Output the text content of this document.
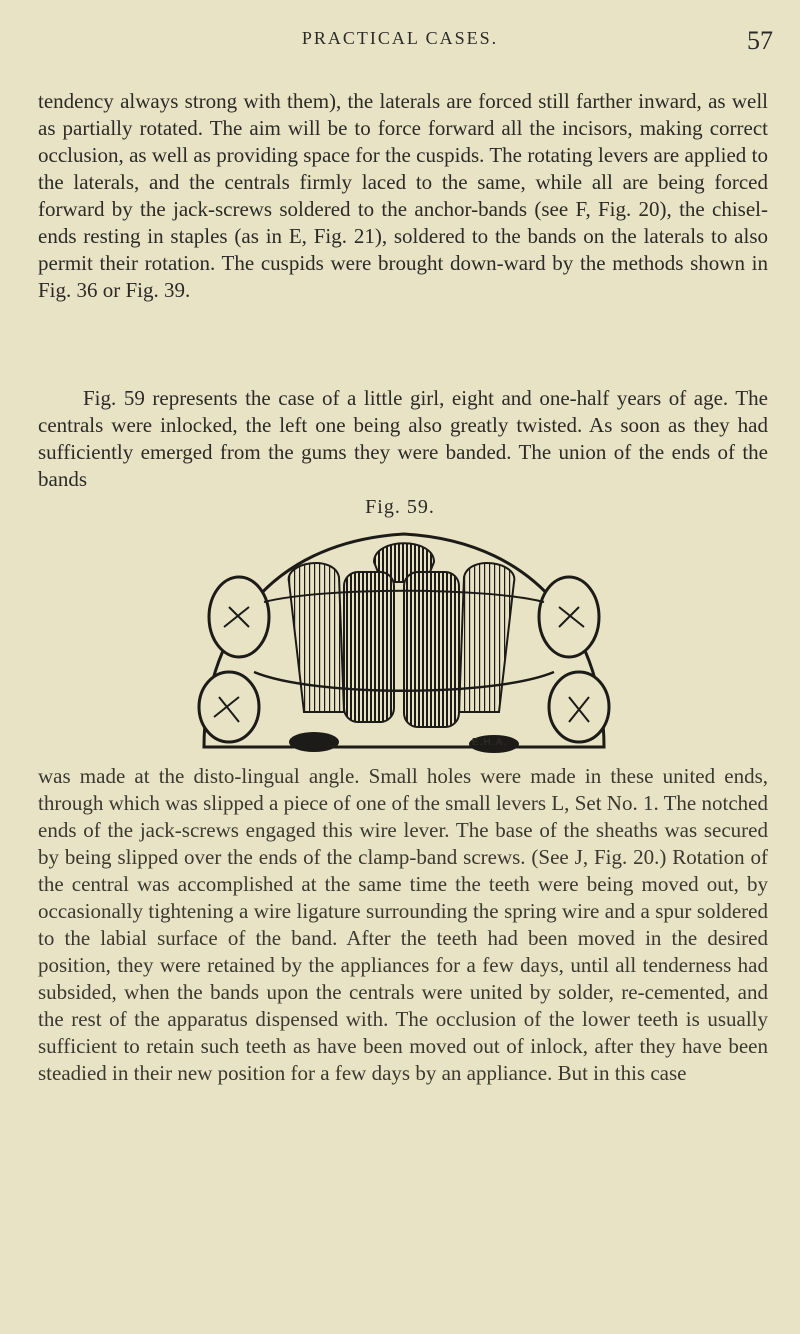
PRACTICAL CASES.	57

tendency always strong with them), the laterals are forced still farther inward, as well as partially rotated. The aim will be to force forward all the incisors, making correct occlusion, as well as providing space for the cuspids. The rotating levers are applied to the laterals, and the centrals firmly laced to the same, while all are being forced forward by the jack-screws soldered to the anchor-bands (see F, Fig. 20), the chisel-ends resting in staples (as in E, Fig. 21), soldered to the bands on the laterals to also permit their rotation. The cuspids were brought down-ward by the methods shown in Fig. 36 or Fig. 39.

Fig. 59 represents the case of a little girl, eight and one-half years of age. The centrals were inlocked, the left one being also greatly twisted. As soon as they had sufficiently emerged from the gums they were banded. The union of the ends of the bands

Fig. 59.
E.H.A.

was made at the disto-lingual angle. Small holes were made in these united ends, through which was slipped a piece of one of the small levers L, Set No. 1. The notched ends of the jack-screws engaged this wire lever. The base of the sheaths was secured by being slipped over the ends of the clamp-band screws. (See J, Fig. 20.) Rotation of the central was accomplished at the same time the teeth were being moved out, by occasionally tightening a wire ligature surrounding the spring wire and a spur soldered to the labial surface of the band. After the teeth had been moved in the desired position, they were retained by the appliances for a few days, until all tenderness had subsided, when the bands upon the centrals were united by solder, re-cemented, and the rest of the apparatus dispensed with. The occlusion of the lower teeth is usually sufficient to retain such teeth as have been moved out of inlock, after they have been steadied in their new position for a few days by an appliance. But in this case
